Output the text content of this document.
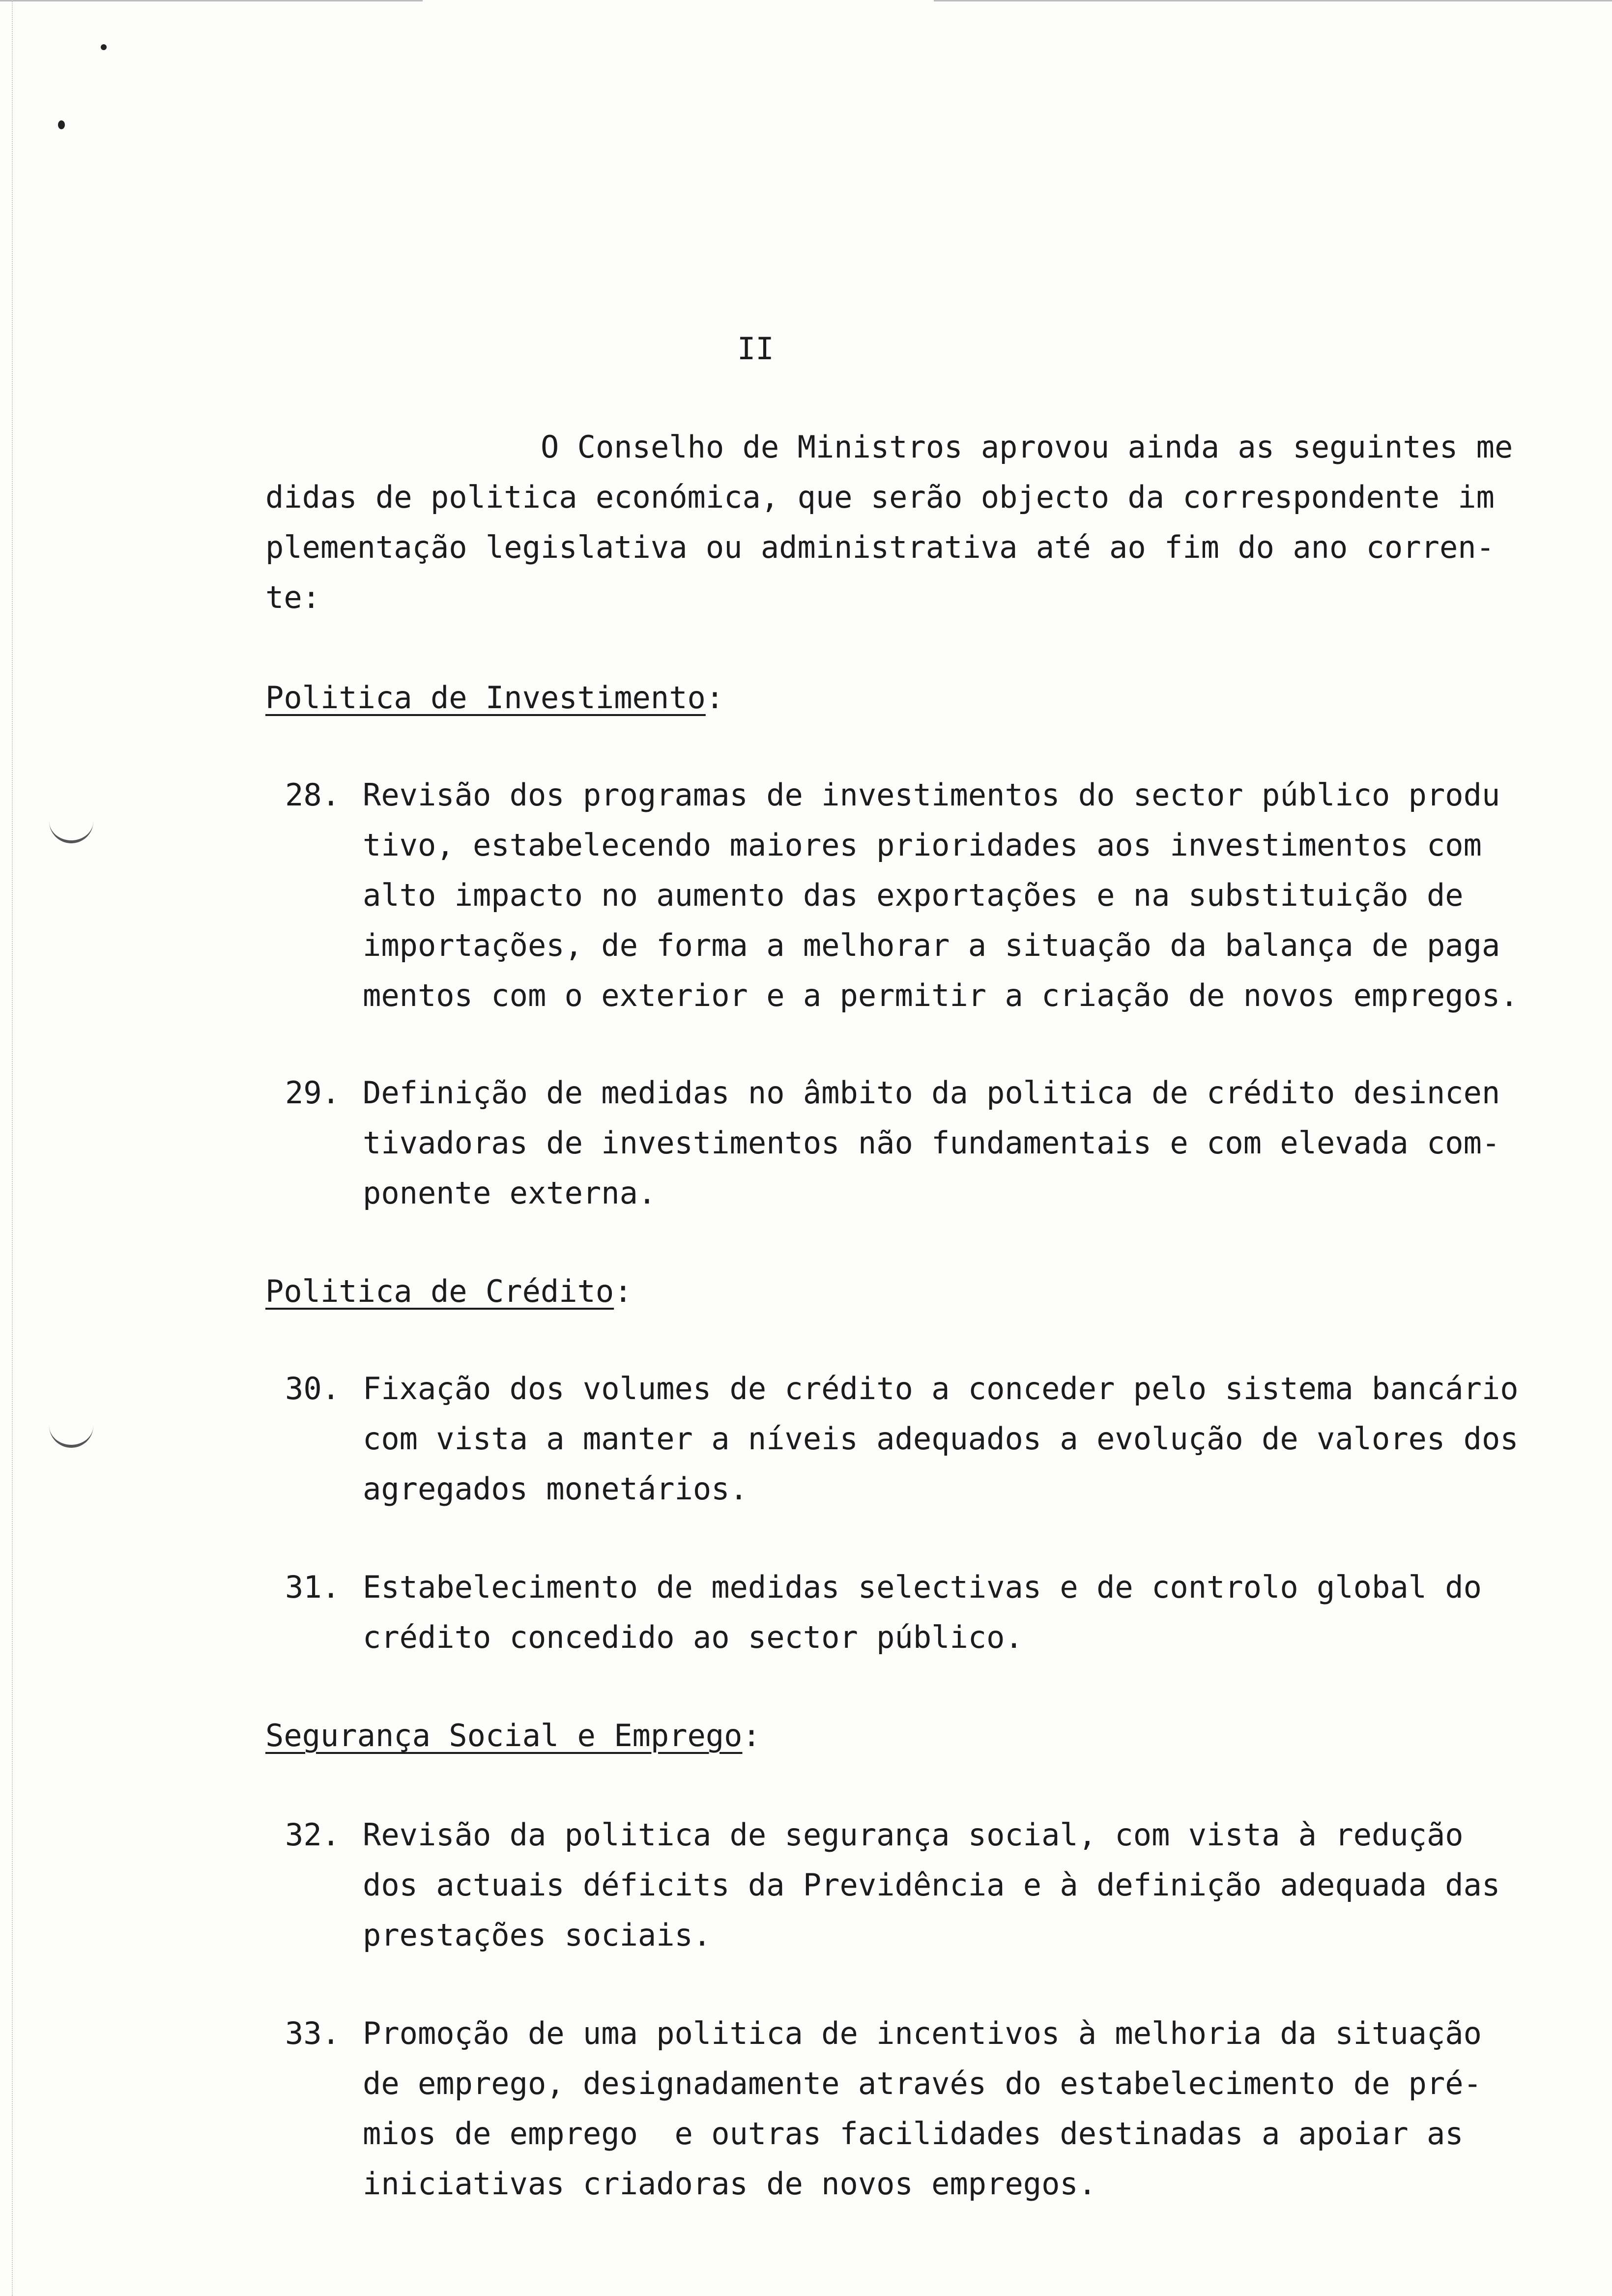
II
O Conselho de Ministros aprovou ainda as seguintes me
didas de politica económica, que serão objecto da correspondente im
plementação legislativa ou administrativa até ao fim do ano corren-
te:
Politica de Investimento:
28. Revisão dos programas de investimentos do sector público produ
tivo, estabelecendo maiores prioridades aos investimentos com
alto impacto no aumento das exportações e na substituição de
importações, de forma a melhorar a situação da balança de paga
mentos com o exterior e a permitir a criação de novos empregos.
29. Definição de medidas no âmbito da politica de crédito desincen
tivadoras de investimentos não fundamentais e com elevada com-
ponente externa.
Politica de Crédito:
30. Fixação dos volumes de crédito a conceder pelo sistema bancário
com vista a manter a níveis adequados a evolução de valores dos
agregados monetários.
31. Estabelecimento de medidas selectivas e de controlo global do
crédito concedido ao sector público.
Segurança Social e Emprego:
32. Revisão da politica de segurança social, com vista à redução
dos actuais déficits da Previdência e à definição adequada das
prestações sociais.
33. Promoção de uma politica de incentivos à melhoria da situação
de emprego, designadamente através do estabelecimento de pré-
mios de emprego  e outras facilidades destinadas a apoiar as
iniciativas criadoras de novos empregos.
